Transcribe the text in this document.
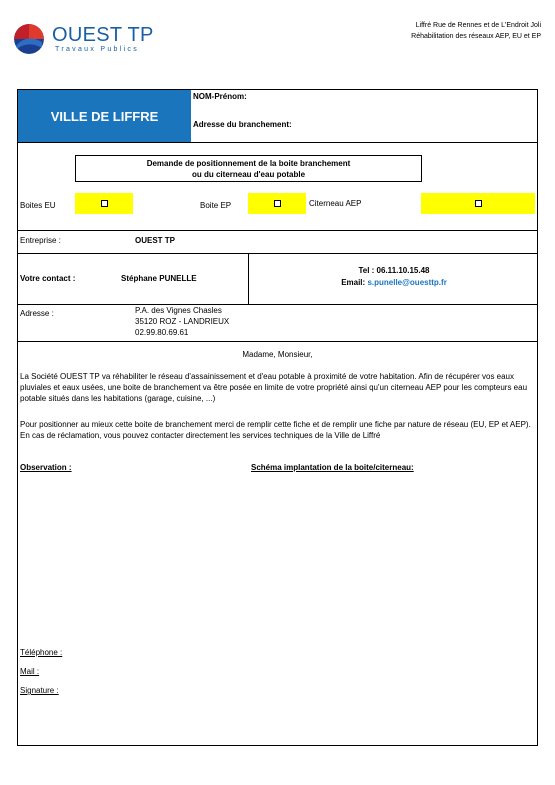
OUEST TP
Travaux Publics
Liffré Rue de Rennes et de L'Endroit Joli
Réhabilitation des réseaux AEP, EU et EP
VILLE DE LIFFRE
NOM-Prénom:
Adresse du branchement:
Demande de positionnement de la boite branchement
ou du citerneau d'eau potable
Boites EU	Boite EP	Citerneau AEP
Entreprise :	OUEST TP
Votre contact :	Stéphane PUNELLE
Tel : 06.11.10.15.48
Email: s.punelle@ouesttp.fr
Adresse :	P.A. des Vignes Chasles
35120 ROZ - LANDRIEUX
02.99.80.69.61
Madame, Monsieur,
La Société OUEST TP va réhabiliter le réseau d'assainissement et d'eau potable à proximité de votre habitation. Afin de récupérer vos eaux pluviales et eaux usées, une boite de branchement va être posée en limite de votre propriété ainsi qu'un citerneau AEP pour les compteurs eau potable situés dans les habitations (garage, cuisine, ...)
Pour positionner au mieux cette boite de branchement merci de remplir cette fiche et de remplir une fiche par nature de réseau (EU, EP et AEP). En cas de réclamation, vous pouvez contacter directement les services techniques de la Ville de Liffré
Observation :	Schéma implantation de la boite/citerneau:
Téléphone :
Mail :
Signature :
